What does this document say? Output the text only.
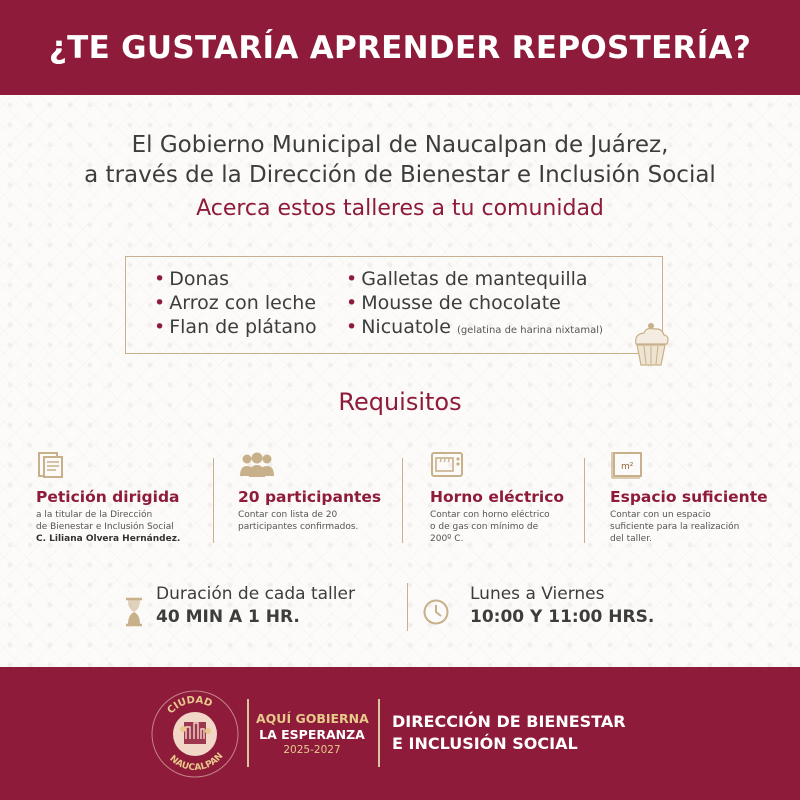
¿TE GUSTARÍA APRENDER REPOSTERÍA?
El Gobierno Municipal de Naucalpan de Juárez,
a través de la Dirección de Bienestar e Inclusión Social
Acerca estos talleres a tu comunidad
• Donas
• Arroz con leche
• Flan de plátano
• Galletas de mantequilla
• Mousse de chocolate
• Nicuatole (gelatina de harina nixtamal)
Requisitos
Petición dirigida
a la titular de la Dirección
de Bienestar e Inclusión Social
C. Liliana Olvera Hernández.
20 participantes
Contar con lista de 20
participantes confirmados.
Horno eléctrico
Contar con horno eléctrico
o de gas con mínimo de
200º C.
m²
Espacio suficiente
Contar con un espacio
suficiente para la realización
del taller.
Duración de cada taller
40 MIN A 1 HR.
Lunes a Viernes
10:00 Y 11:00 HRS.
CIUDAD
NAUCALPAN
AQUÍ GOBIERNA
LA ESPERANZA
2025-2027
DIRECCIÓN DE BIENESTAR
E INCLUSIÓN SOCIAL
